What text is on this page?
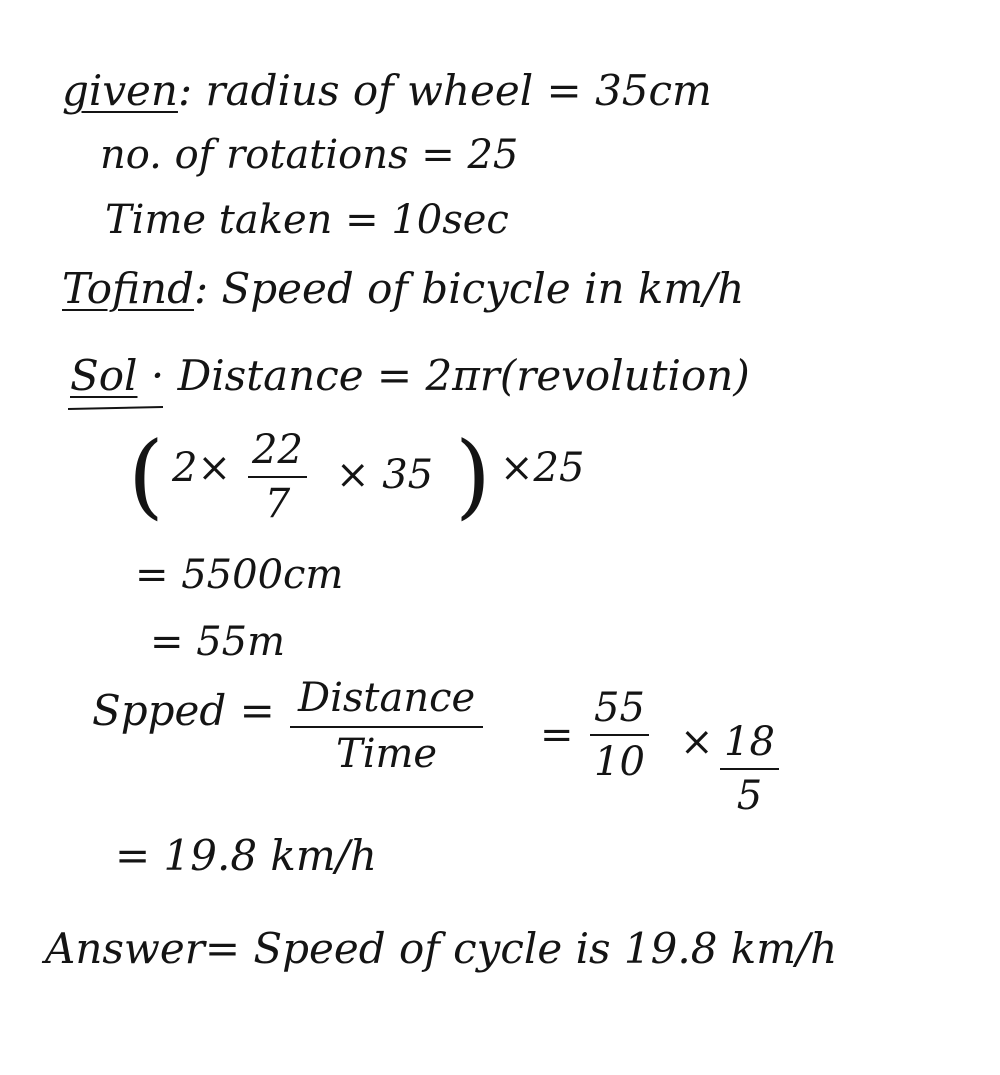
given: radius of wheel = 35cm
no. of rotations = 25
Time taken = 10sec
Tofind: Speed of bicycle in km/h
Sol · Distance = 2πr(revolution)
( $2\times \frac{22}{7} \times 35$ ) ×25
= 5500cm
= 55m
Spped = Distance
Time	= $\frac{55}{10} \times \frac{18}{5}$
= 19.8 km/h
Answer= Speed of cycle is 19.8 km/h
